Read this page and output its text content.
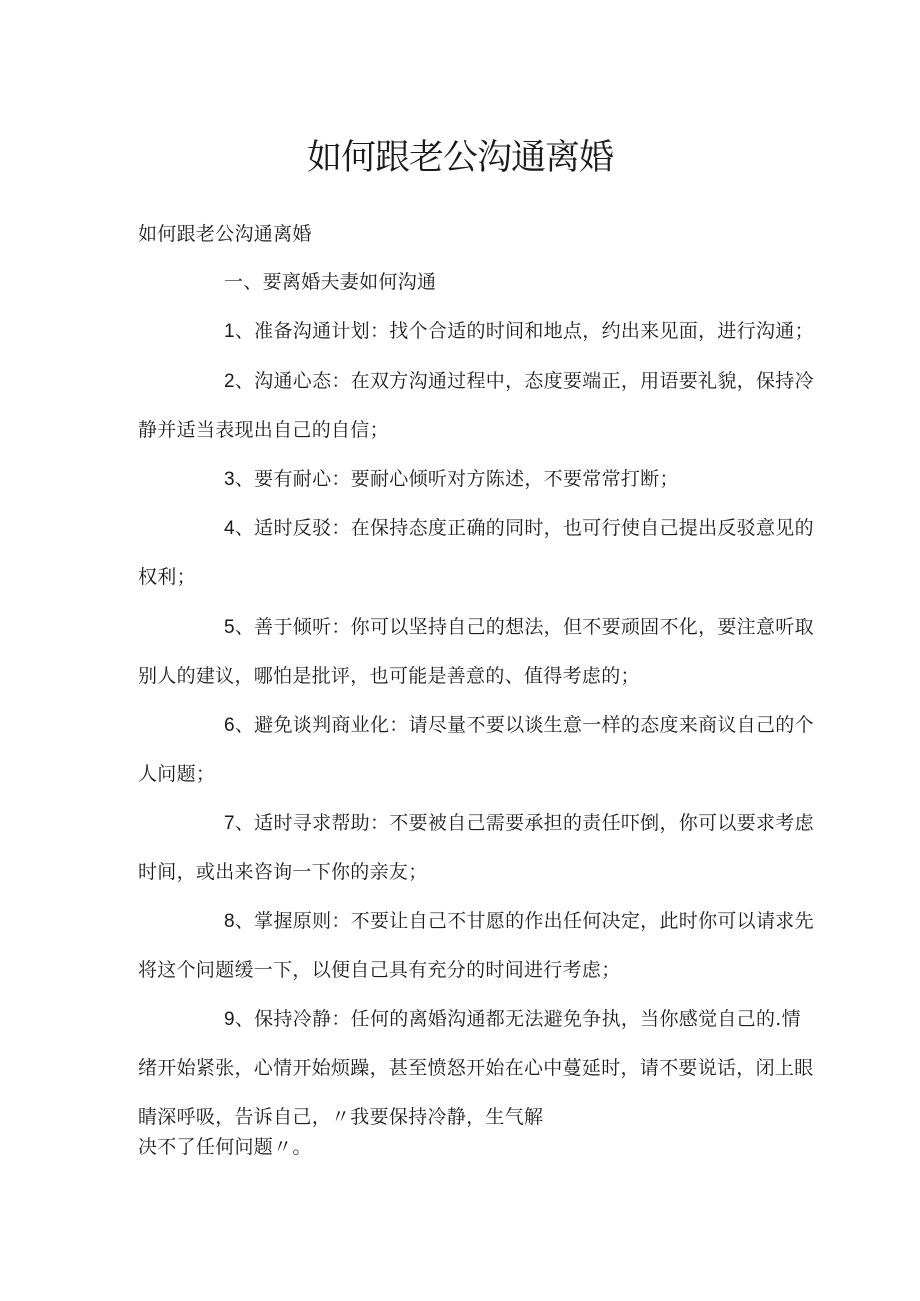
如何跟老公沟通离婚

如何跟老公沟通离婚

一、要离婚夫妻如何沟通

1、准备沟通计划：找个合适的时间和地点，约出来见面，进行沟通；

2、沟通心态：在双方沟通过程中，态度要端正，用语要礼貌，保持冷

静并适当表现出自己的自信；

3、要有耐心：要耐心倾听对方陈述，不要常常打断；

4、适时反驳：在保持态度正确的同时，也可行使自己提出反驳意见的

权利；

5、善于倾听：你可以坚持自己的想法，但不要顽固不化，要注意听取

别人的建议，哪怕是批评，也可能是善意的、值得考虑的；

6、避免谈判商业化：请尽量不要以谈生意一样的态度来商议自己的个

人问题；

7、适时寻求帮助：不要被自己需要承担的责任吓倒，你可以要求考虑

时间，或出来咨询一下你的亲友；

8、掌握原则：不要让自己不甘愿的作出任何决定，此时你可以请求先

将这个问题缓一下，以便自己具有充分的时间进行考虑；

9、保持冷静：任何的离婚沟通都无法避免争执，当你感觉自己的.情

绪开始紧张，心情开始烦躁，甚至愤怒开始在心中蔓延时，请不要说话，闭上眼

睛深呼吸，告诉自己，〃我要保持冷静，生气解

决不了任何问题〃。
